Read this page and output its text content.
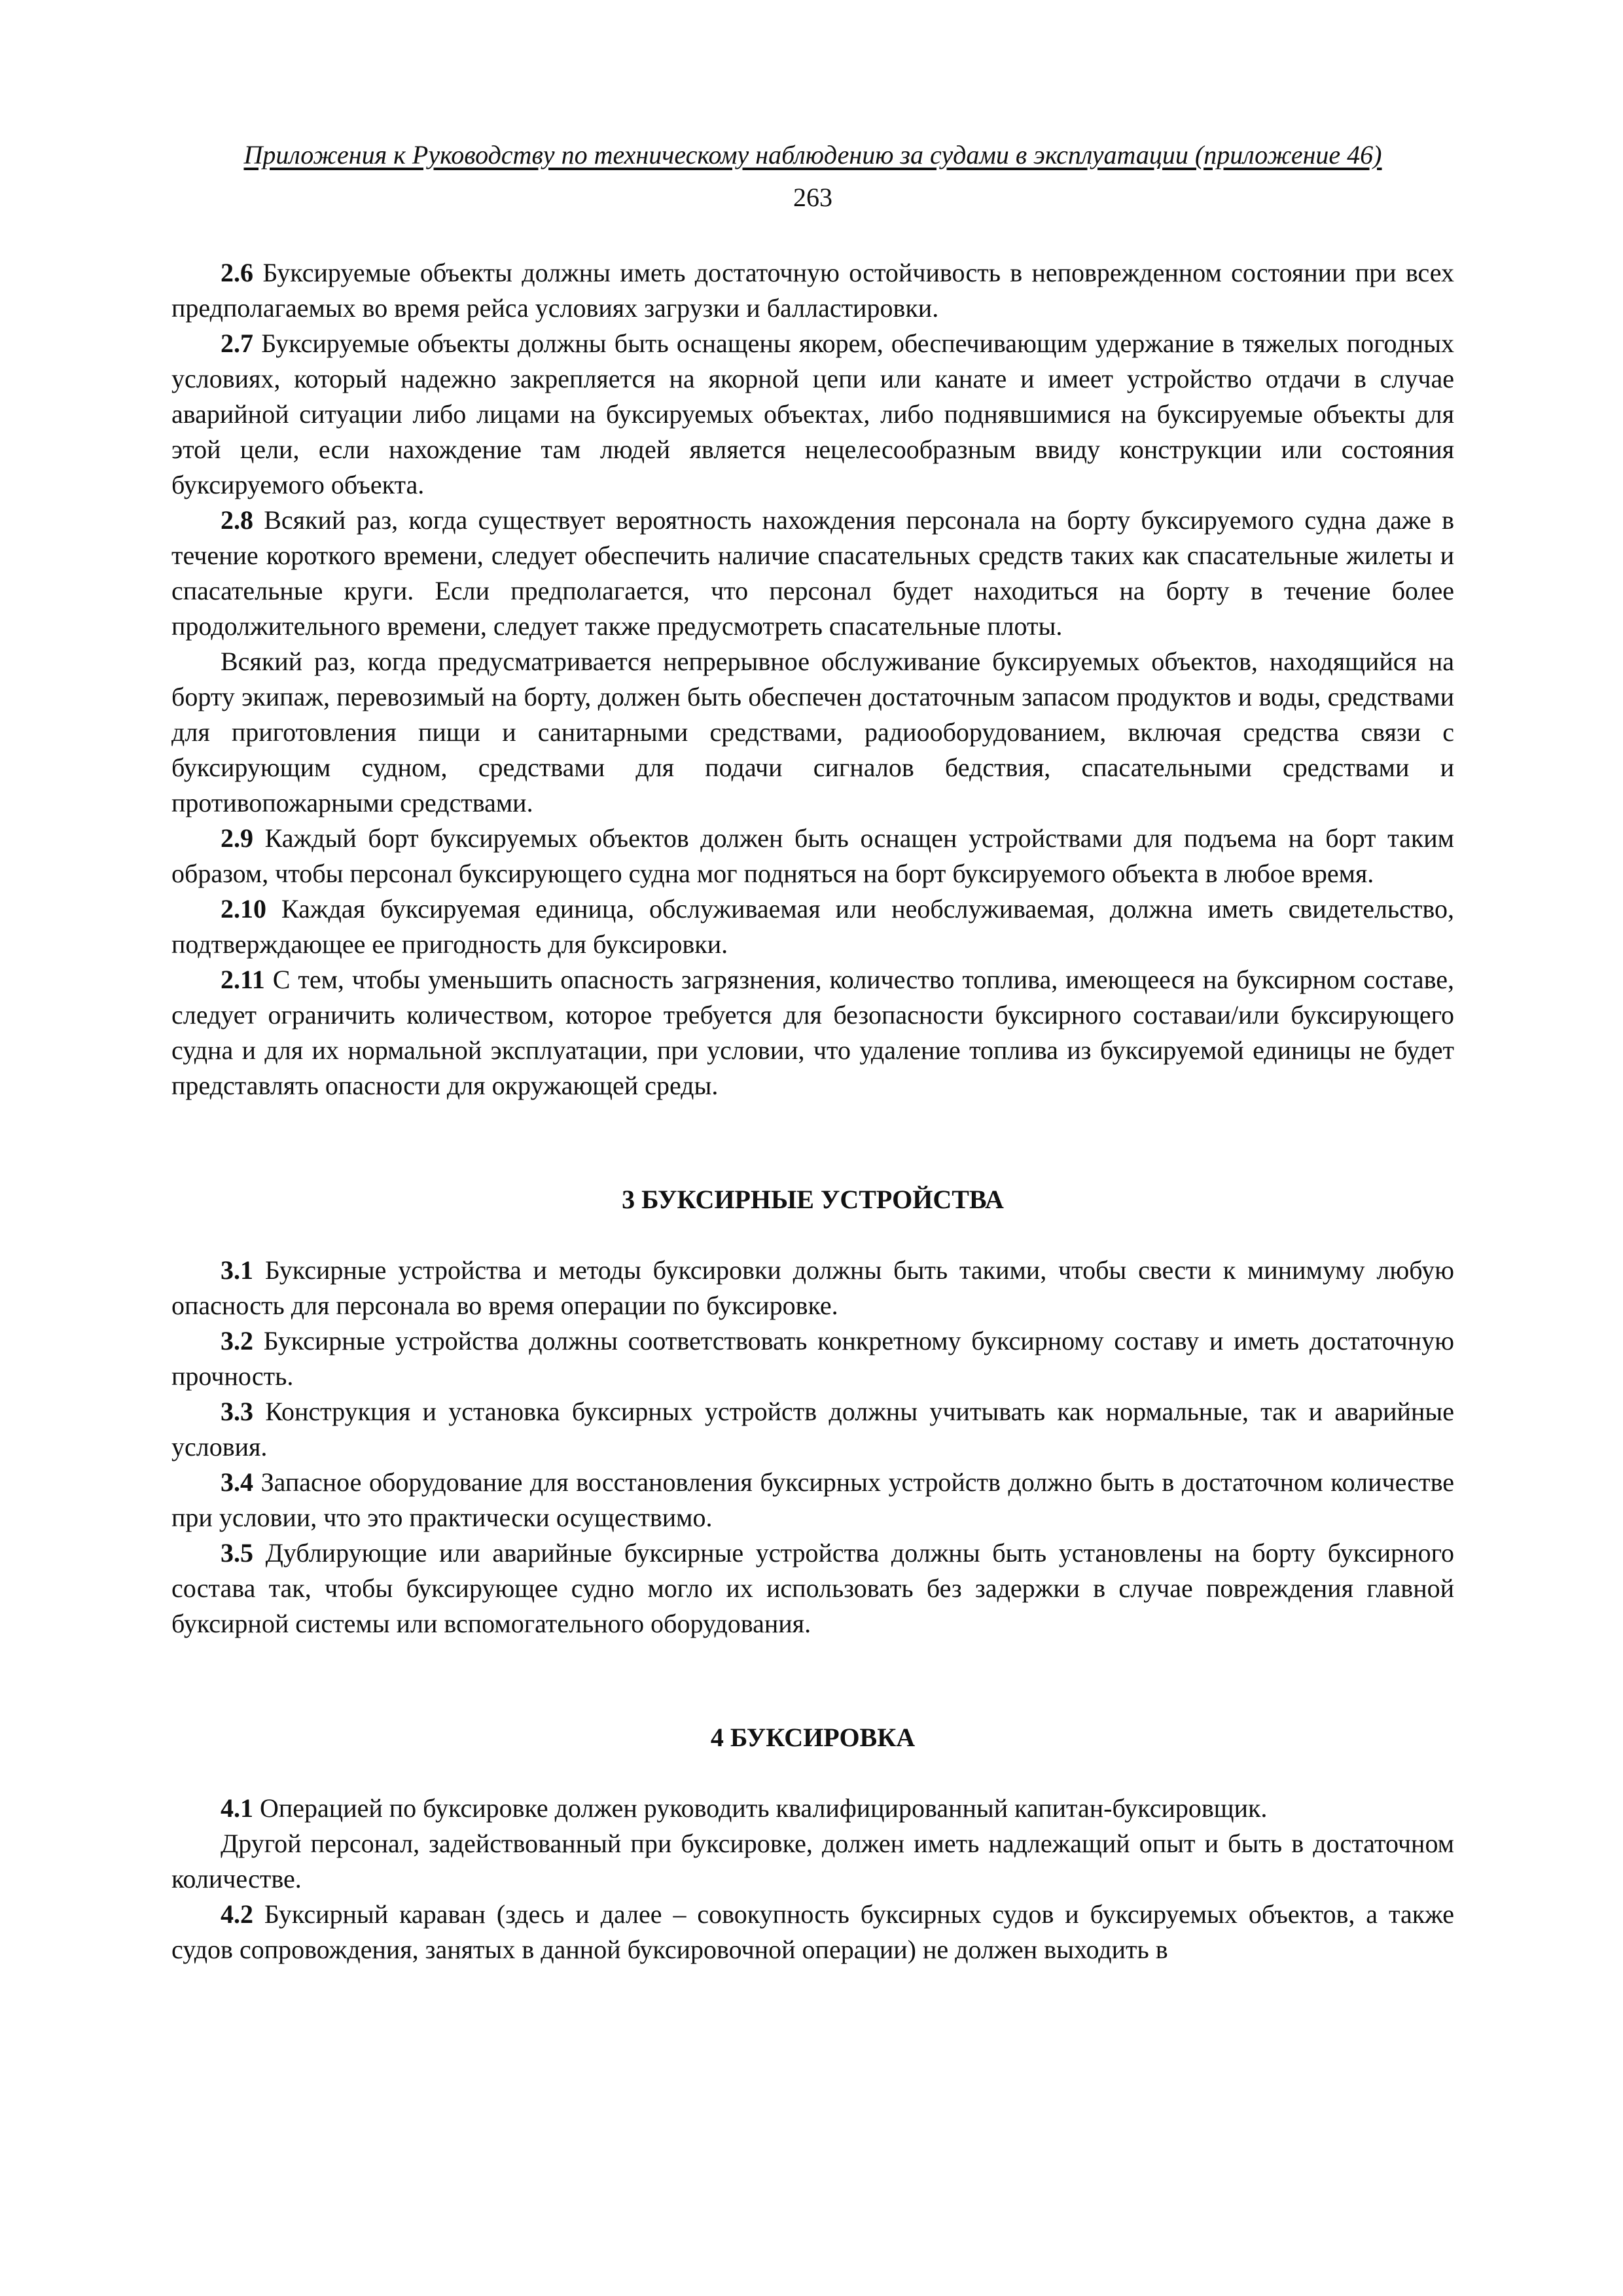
Приложения к Руководству по техническому наблюдению за судами в эксплуатации (приложение 46)
263

2.6 Буксируемые объекты должны иметь достаточную остойчивость в неповрежденном состоянии при всех предполагаемых во время рейса условиях загрузки и балластировки.

2.7 Буксируемые объекты должны быть оснащены якорем, обеспечивающим удержание в тяжелых погодных условиях, который надежно закрепляется на якорной цепи или канате и имеет устройство отдачи в случае аварийной ситуации либо лицами на буксируемых объектах, либо поднявшимися на буксируемые объекты для этой цели, если нахождение там людей является нецелесообразным ввиду конструкции или состояния буксируемого объекта.

2.8 Всякий раз, когда существует вероятность нахождения персонала на борту буксируемого судна даже в течение короткого времени, следует обеспечить наличие спасательных средств таких как спасательные жилеты и спасательные круги. Если предполагается, что персонал будет находиться на борту в течение более продолжительного времени, следует также предусмотреть спасательные плоты.

Всякий раз, когда предусматривается непрерывное обслуживание буксируемых объектов, находящийся на борту экипаж, перевозимый на борту, должен быть обеспечен достаточным запасом продуктов и воды, средствами для приготовления пищи и санитарными средствами, радиооборудованием, включая средства связи с буксирующим судном, средствами для подачи сигналов бедствия, спасательными средствами и противопожарными средствами.

2.9 Каждый борт буксируемых объектов должен быть оснащен устройствами для подъема на борт таким образом, чтобы персонал буксирующего судна мог подняться на борт буксируемого объекта в любое время.

2.10 Каждая буксируемая единица, обслуживаемая или необслуживаемая, должна иметь свидетельство, подтверждающее ее пригодность для буксировки.

2.11 С тем, чтобы уменьшить опасность загрязнения, количество топлива, имеющееся на буксирном составе, следует ограничить количеством, которое требуется для безопасности буксирного составаи/или буксирующего судна и для их нормальной эксплуатации, при условии, что удаление топлива из буксируемой единицы не будет представлять опасности для окружающей среды.

3 БУКСИРНЫЕ УСТРОЙСТВА

3.1 Буксирные устройства и методы буксировки должны быть такими, чтобы свести к минимуму любую опасность для персонала во время операции по буксировке.

3.2 Буксирные устройства должны соответствовать конкретному буксирному составу и иметь достаточную прочность.

3.3 Конструкция и установка буксирных устройств должны учитывать как нормальные, так и аварийные условия.

3.4 Запасное оборудование для восстановления буксирных устройств должно быть в достаточном количестве при условии, что это практически осуществимо.

3.5 Дублирующие или аварийные буксирные устройства должны быть установлены на борту буксирного состава так, чтобы буксирующее судно могло их использовать без задержки в случае повреждения главной буксирной системы или вспомогательного оборудования.

4 БУКСИРОВКА

4.1 Операцией по буксировке должен руководить квалифицированный капитан-буксировщик.

Другой персонал, задействованный при буксировке, должен иметь надлежащий опыт и быть в достаточном количестве.

4.2 Буксирный караван (здесь и далее – совокупность буксирных судов и буксируемых объектов, а также судов сопровождения, занятых в данной буксировочной операции) не должен выходить в
